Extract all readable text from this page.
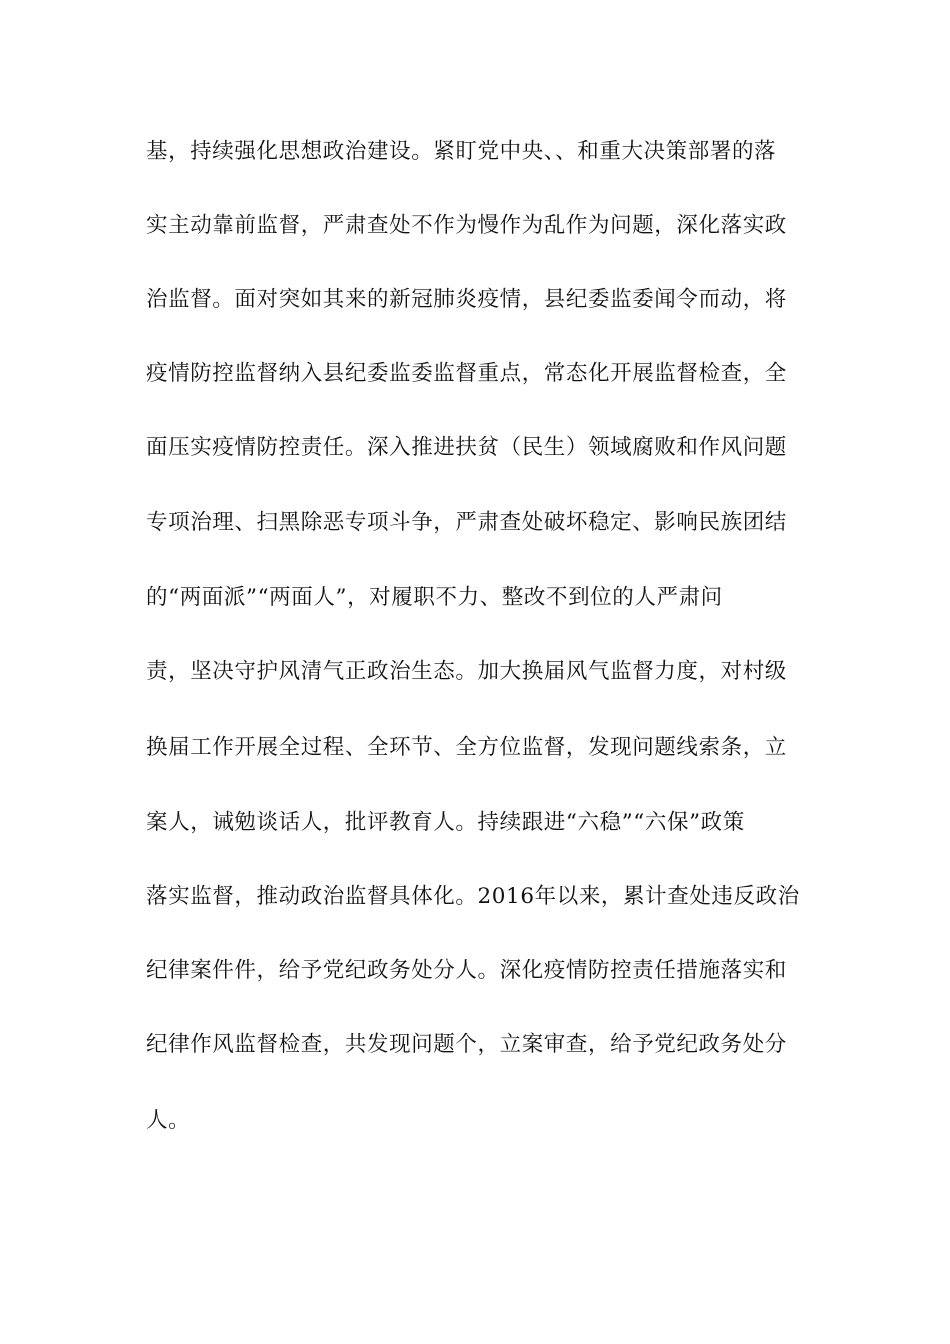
基，持续强化思想政治建设。紧盯党中央、、和重大决策部署的落
实主动靠前监督，严肃查处不作为慢作为乱作为问题，深化落实政
治监督。面对突如其来的新冠肺炎疫情，县纪委监委闻令而动，将
疫情防控监督纳入县纪委监委监督重点，常态化开展监督检查，全
面压实疫情防控责任。深入推进扶贫（民生）领域腐败和作风问题
专项治理、扫黑除恶专项斗争，严肃查处破坏稳定、影响民族团结
的“两面派”“两面人”，对履职不力、整改不到位的人严肃问
责，坚决守护风清气正政治生态。加大换届风气监督力度，对村级
换届工作开展全过程、全环节、全方位监督，发现问题线索条，立
案人，诫勉谈话人，批评教育人。持续跟进“六稳”“六保”政策
落实监督，推动政治监督具体化。2016年以来，累计查处违反政治
纪律案件件，给予党纪政务处分人。深化疫情防控责任措施落实和
纪律作风监督检查，共发现问题个，立案审查，给予党纪政务处分
人。
